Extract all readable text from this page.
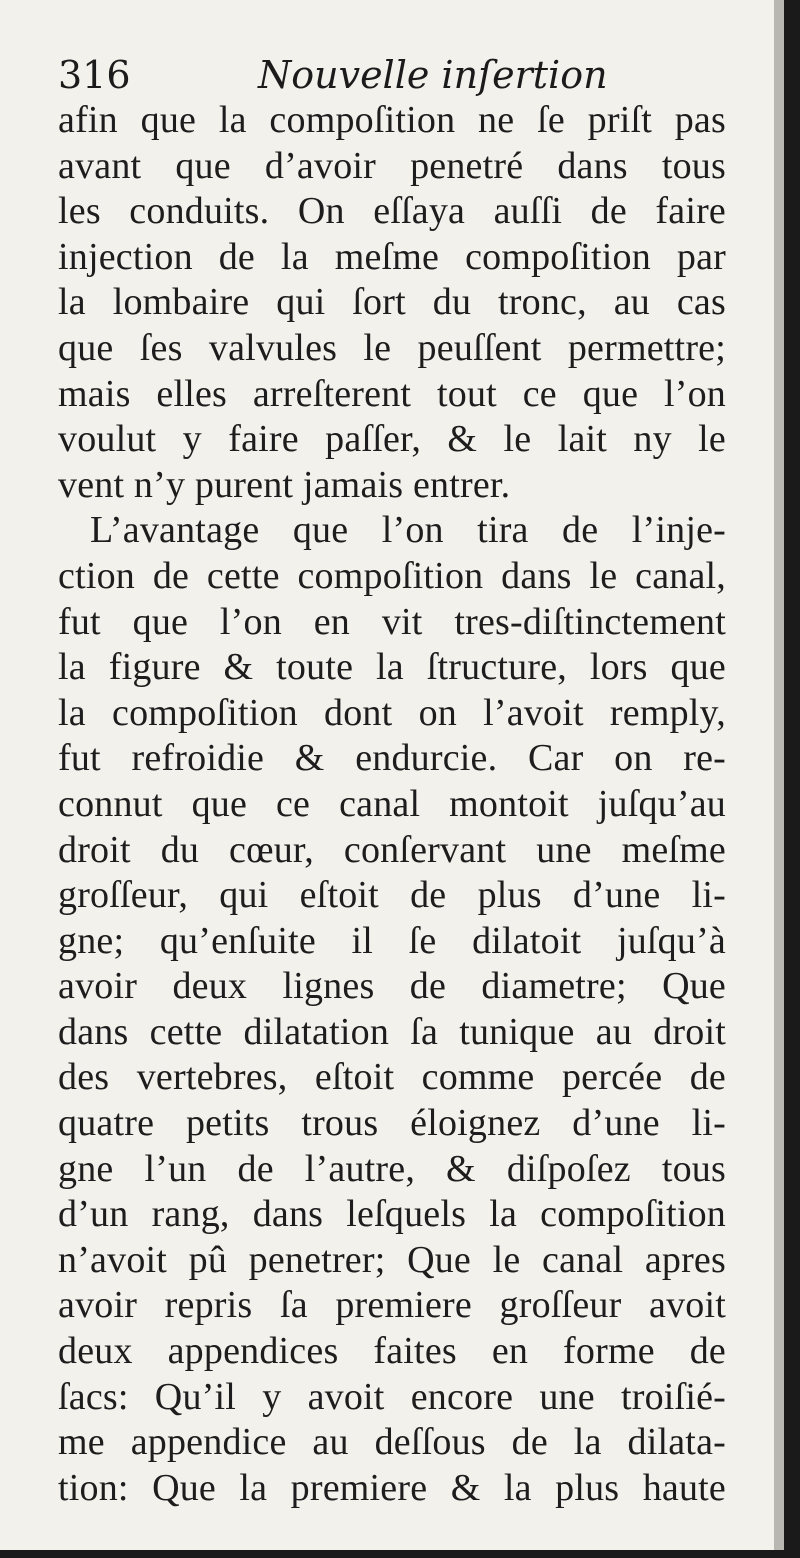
316	Nouvelle inſertion
afin que la compoſition ne ſe priſt pas
avant que d’avoir penetré dans tous
les conduits. On eſſaya auſſi de faire
injection de la meſme compoſition par
la lombaire qui ſort du tronc, au cas
que ſes valvules le peuſſent permettre;
mais elles arreſterent tout ce que l’on
voulut y faire paſſer, & le lait ny le
vent n’y purent jamais entrer.
L’avantage que l’on tira de l’inje-
ction de cette compoſition dans le canal,
fut que l’on en vit tres-diſtinctement
la figure & toute la ſtructure, lors que
la compoſition dont on l’avoit remply,
fut refroidie & endurcie. Car on re-
connut que ce canal montoit juſqu’au
droit du cœur, conſervant une meſme
groſſeur, qui eſtoit de plus d’une li-
gne; qu’enſuite il ſe dilatoit juſqu’à
avoir deux lignes de diametre; Que
dans cette dilatation ſa tunique au droit
des vertebres, eſtoit comme percée de
quatre petits trous éloignez d’une li-
gne l’un de l’autre, & diſpoſez tous
d’un rang, dans leſquels la compoſition
n’avoit pû penetrer; Que le canal apres
avoir repris ſa premiere groſſeur avoit
deux appendices faites en forme de
ſacs: Qu’il y avoit encore une troiſié-
me appendice au deſſous de la dilata-
tion: Que la premiere & la plus haute
